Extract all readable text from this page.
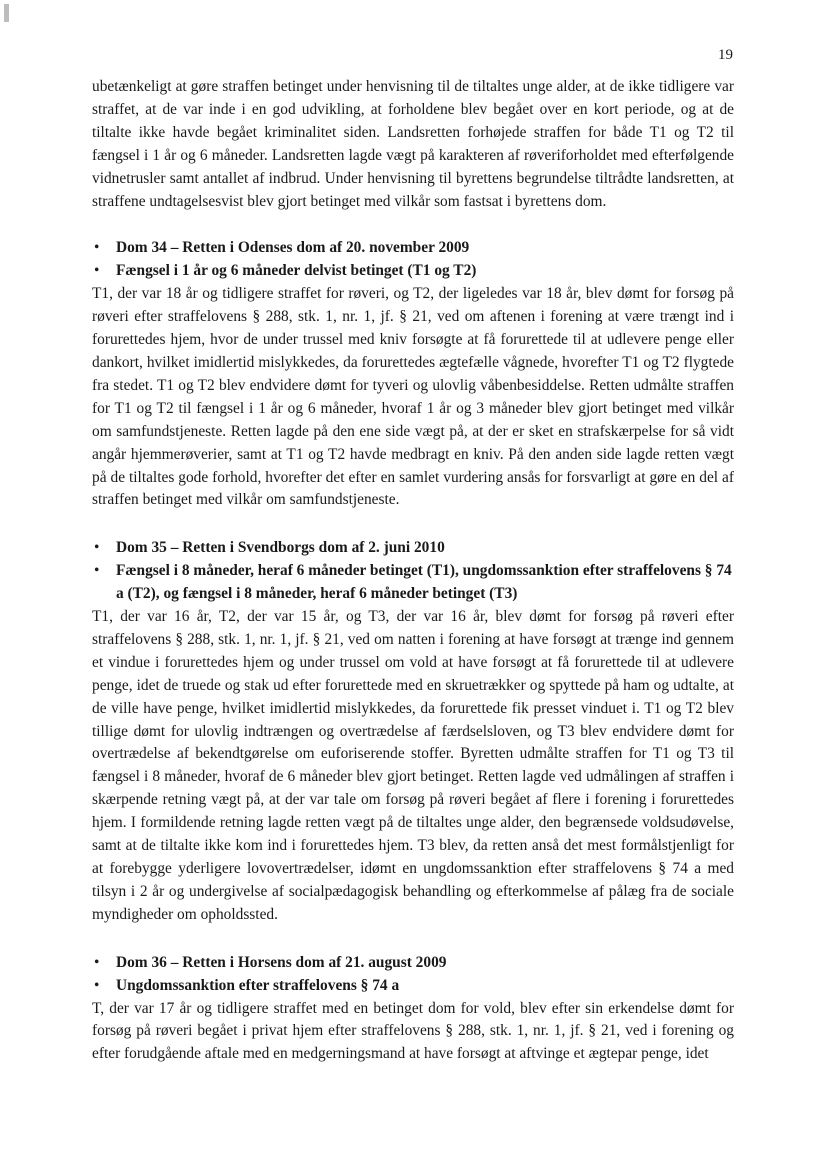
19

ubetænkeligt at gøre straffen betinget under henvisning til de tiltaltes unge alder, at de ikke tidligere var straffet, at de var inde i en god udvikling, at forholdene blev begået over en kort periode, og at de tiltalte ikke havde begået kriminalitet siden. Landsretten forhøjede straffen for både T1 og T2 til fængsel i 1 år og 6 måneder. Landsretten lagde vægt på karakteren af røveriforholdet med efterfølgende vidnetrusler samt antallet af indbrud. Under henvisning til byrettens begrundelse tiltrådte landsretten, at straffene undtagelsesvist blev gjort betinget med vilkår som fastsat i byrettens dom.

• Dom 34 – Retten i Odenses dom af 20. november 2009
• Fængsel i 1 år og 6 måneder delvist betinget (T1 og T2)

T1, der var 18 år og tidligere straffet for røveri, og T2, der ligeledes var 18 år, blev dømt for forsøg på røveri efter straffelovens § 288, stk. 1, nr. 1, jf. § 21, ved om aftenen i forening at være trængt ind i forurettedes hjem, hvor de under trussel med kniv forsøgte at få forurettede til at udlevere penge eller dankort, hvilket imidlertid mislykkedes, da forurettedes ægtefælle vågnede, hvorefter T1 og T2 flygtede fra stedet. T1 og T2 blev endvidere dømt for tyveri og ulovlig våbenbesiddelse. Retten udmålte straffen for T1 og T2 til fængsel i 1 år og 6 måneder, hvoraf 1 år og 3 måneder blev gjort betinget med vilkår om samfundstjeneste. Retten lagde på den ene side vægt på, at der er sket en strafskærpelse for så vidt angår hjemmerøverier, samt at T1 og T2 havde medbragt en kniv. På den anden side lagde retten vægt på de tiltaltes gode forhold, hvorefter det efter en samlet vurdering ansås for forsvarligt at gøre en del af straffen betinget med vilkår om samfundstjeneste.

• Dom 35 – Retten i Svendborgs dom af 2. juni 2010
• Fængsel i 8 måneder, heraf 6 måneder betinget (T1), ungdomssanktion efter straffelovens § 74 a (T2), og fængsel i 8 måneder, heraf 6 måneder betinget (T3)

T1, der var 16 år, T2, der var 15 år, og T3, der var 16 år, blev dømt for forsøg på røveri efter straffelovens § 288, stk. 1, nr. 1, jf. § 21, ved om natten i forening at have forsøgt at trænge ind gennem et vindue i forurettedes hjem og under trussel om vold at have forsøgt at få forurettede til at udlevere penge, idet de truede og stak ud efter forurettede med en skruetrækker og spyttede på ham og udtalte, at de ville have penge, hvilket imidlertid mislykkedes, da forurettede fik presset vinduet i. T1 og T2 blev tillige dømt for ulovlig indtrængen og overtrædelse af færdselsloven, og T3 blev endvidere dømt for overtrædelse af bekendtgørelse om euforiserende stoffer. Byretten udmålte straffen for T1 og T3 til fængsel i 8 måneder, hvoraf de 6 måneder blev gjort betinget. Retten lagde ved udmålingen af straffen i skærpende retning vægt på, at der var tale om forsøg på røveri begået af flere i forening i forurettedes hjem. I formildende retning lagde retten vægt på de tiltaltes unge alder, den begrænsede voldsudøvelse, samt at de tiltalte ikke kom ind i forurettedes hjem. T3 blev, da retten anså det mest formålstjenligt for at forebygge yderligere lovovertrædelser, idømt en ungdomssanktion efter straffelovens § 74 a med tilsyn i 2 år og undergivelse af socialpædagogisk behandling og efterkommelse af pålæg fra de sociale myndigheder om opholdssted.

• Dom 36 – Retten i Horsens dom af 21. august 2009
• Ungdomssanktion efter straffelovens § 74 a

T, der var 17 år og tidligere straffet med en betinget dom for vold, blev efter sin erkendelse dømt for forsøg på røveri begået i privat hjem efter straffelovens § 288, stk. 1, nr. 1, jf. § 21, ved i forening og efter forudgående aftale med en medgerningsmand at have forsøgt at aftvinge et ægtepar penge, idet
